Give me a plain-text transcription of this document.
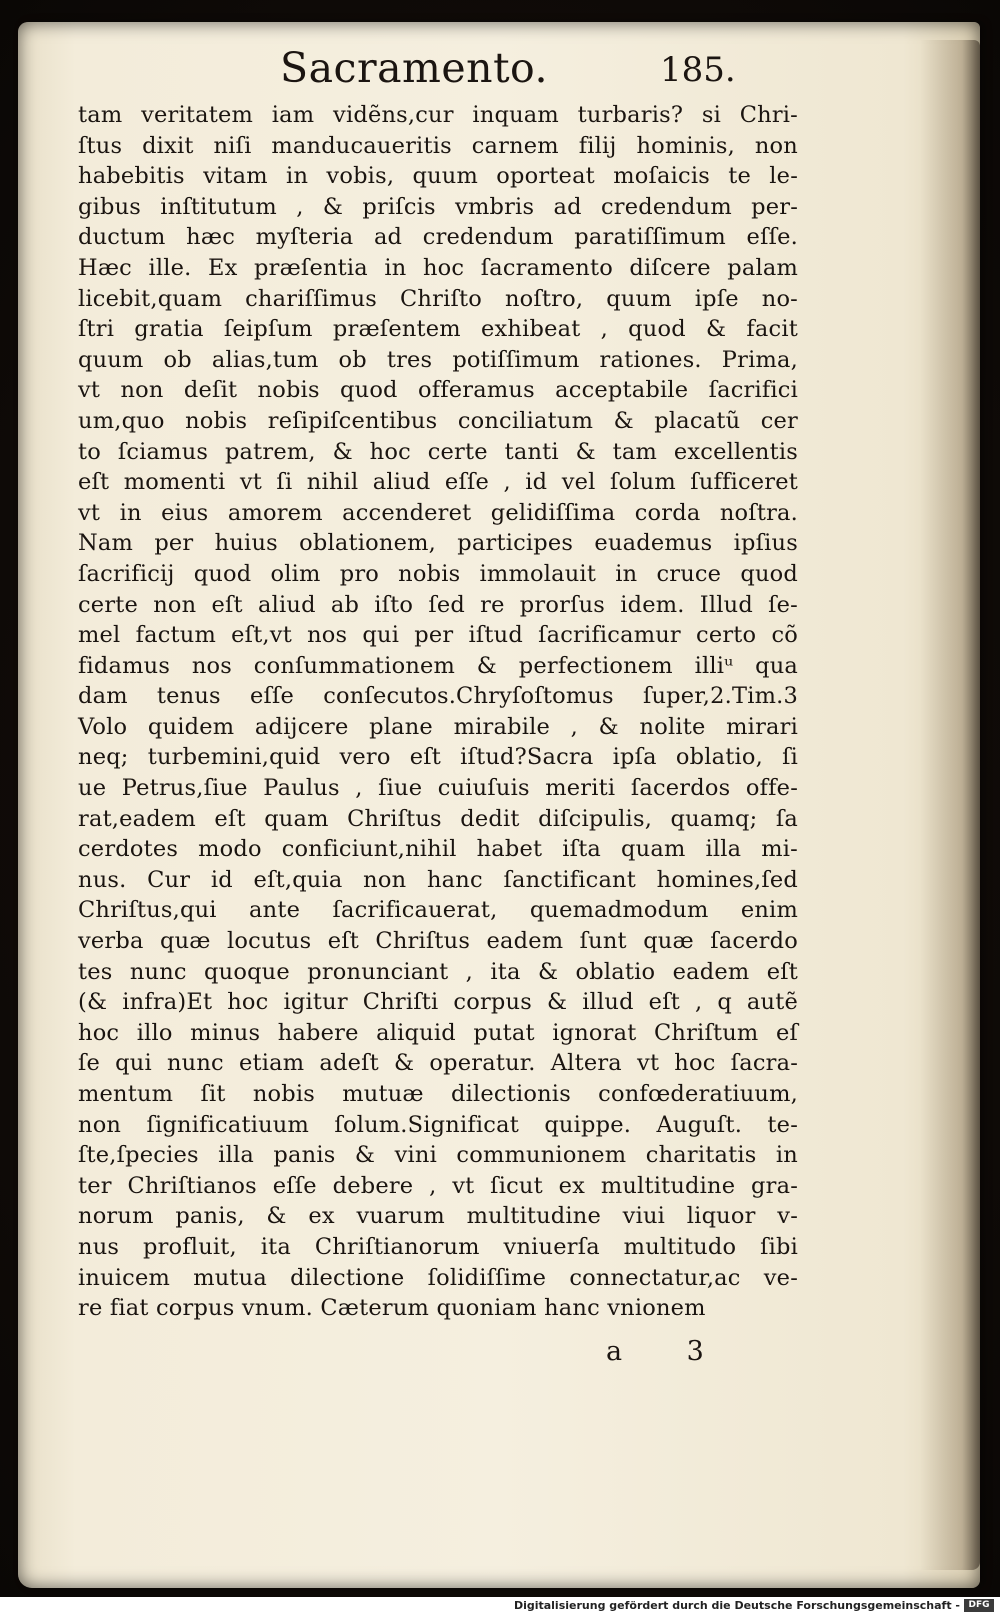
Sacramento.	185.
tam veritatem iam vidẽns,cur inquam turbaris? si Chri-
ſtus dixit niſi manducaueritis carnem filij hominis, non
habebitis vitam in vobis, quum oporteat moſaicis te le-
gibus inſtitutum , & priſcis vmbris ad credendum per-
ductum hæc myſteria ad credendum paratiſſimum eſſe.
Hæc ille. Ex præſentia in hoc ſacramento diſcere palam
licebit,quam chariſſimus Chriſto noſtro, quum ipſe no-
ſtri gratia ſeipſum præſentem exhibeat , quod & facit
quum ob alias,tum ob tres potiſſimum rationes. Prima,
vt non deſit nobis quod offeramus acceptabile ſacrifici
um,quo nobis reſipiſcentibus conciliatum & placatũ cer
to ſciamus patrem, & hoc certe tanti & tam excellentis
eſt momenti vt ſi nihil aliud eſſe , id vel ſolum ſufficeret
vt in eius amorem accenderet gelidiſſima corda noſtra.
Nam per huius oblationem, participes euademus ipſius
ſacrificij quod olim pro nobis immolauit in cruce quod
certe non eſt aliud ab iſto ſed re prorſus idem. Illud ſe-
mel factum eſt,vt nos qui per iſtud ſacrificamur certo cõ
fidamus nos conſummationem & perfectionem illiᵘ qua
dam tenus eſſe conſecutos.Chryſoſtomus ſuper,2.Tim.3
Volo quidem adijcere plane mirabile , & nolite mirari
neq; turbemini,quid vero eſt iſtud?Sacra ipſa oblatio, ſi
ue Petrus,ſiue Paulus , ſiue cuiuſuis meriti ſacerdos offe-
rat,eadem eſt quam Chriſtus dedit diſcipulis, quamq; ſa
cerdotes modo conficiunt,nihil habet iſta quam illa mi-
nus. Cur id eſt,quia non hanc ſanctificant homines,ſed
Chriſtus,qui ante ſacrificauerat, quemadmodum enim
verba quæ locutus eſt Chriſtus eadem ſunt quæ ſacerdo
tes nunc quoque pronunciant , ita & oblatio eadem eſt
(& infra)Et hoc igitur Chriſti corpus & illud eſt , q autẽ
hoc illo minus habere aliquid putat ignorat Chriſtum eſ
ſe qui nunc etiam adeſt & operatur. Altera vt hoc ſacra-
mentum ſit nobis mutuæ dilectionis confœderatiuum,
non ſignificatiuum ſolum.Significat quippe. Auguſt. te-
ſte,ſpecies illa panis & vini communionem charitatis in
ter Chriſtianos eſſe debere , vt ſicut ex multitudine gra-
norum panis, & ex vuarum multitudine viui liquor v-
nus profluit, ita Chriſtianorum vniuerſa multitudo ſibi
inuicem mutua dilectione ſolidiſſime connectatur,ac ve-
re fiat corpus vnum. Cæterum quoniam hanc vnionem
a 3
Digitalisierung gefördert durch die Deutsche Forschungsgemeinschaft - DFG
